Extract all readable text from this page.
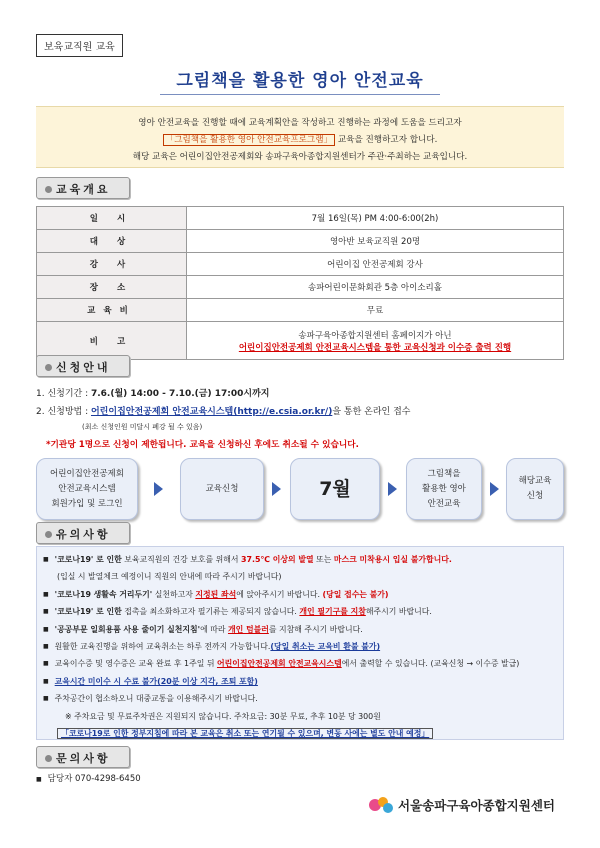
보육교직원 교육
그림책을 활용한 영아 안전교육
영아 안전교육을 진행할 때에 교육계획안을 작성하고 진행하는 과정에 도움을 드리고자
「그림책을 활용한 영아 안전교육프로그램」 교육을 진행하고자 합니다.
해당 교육은 어린이집안전공제회와 송파구육아종합지원센터가 주관·주최하는 교육입니다.
교육개요
일 시	7월 16일(목) PM 4:00-6:00(2h)
대 상	영아반 보육교직원 20명
강 사	어린이집 안전공제회 강사
장 소	송파어린이문화회관 5층 아이소리홀
교육비	무료
비 고	송파구육아종합지원센터 홈페이지가 아닌
어린이집안전공제회 안전교육시스템을 통한 교육신청과 이수증 출력 진행
신청안내
1. 신청기간 : 7.6.(월) 14:00 - 7.10.(금) 17:00시까지
2. 신청방법 : 어린이집안전공제회 안전교육시스템(http://e.csia.or.kr/)을 통한 온라인 접수
(최소 신청인원 미달시 폐강 될 수 있음)
*기관당 1명으로 신청이 제한됩니다. 교육을 신청하신 후에도 취소될 수 있습니다.
어린이집안전공제회
안전교육시스템
회원가입 및 로그인
교육신청	7월
그림책을
활용한 영아
안전교육
해당교육
신청
유의사항
■ '코로나19' 로 인한 보육교직원의 건강 보호를 위해서 37.5℃ 이상의 발열 또는 마스크 미착용시 입실 불가합니다.
(입실 시 발열체크 예정이니 직원의 안내에 따라 주시기 바랍니다)
■ '코로나19 생활속 거리두기' 실천하고자 지정된 좌석에 앉아주시기 바랍니다. (당일 접수는 불가)
■ '코로나19' 로 인한 접촉을 최소화하고자 필기류는 제공되지 않습니다. 개인 필기구를 지참해주시기 바랍니다.
■ '공공부문 일회용품 사용 줄이기 실천지침'에 따라 개인 텀블러를 지참해 주시기 바랍니다.
■ 원활한 교육진행을 위하여 교육취소는 하루 전까지 가능합니다.(당일 취소는 교육비 환불 불가)
■ 교육이수증 및 영수증은 교육 완료 후 1주일 뒤 어린이집안전공제회 안전교육시스템에서 출력할 수 있습니다. (교육신청 → 이수증 발급)
■ 교육시간 미이수 시 수료 불가(20분 이상 지각, 조퇴 포함)
■ 주차공간이 협소하오니 대중교통을 이용해주시기 바랍니다.
※ 주차요금 및 무료주차권은 지원되지 않습니다. 주차요금: 30분 무료, 추후 10분 당 300원
「코로나19로 인한 정부지침에 따라 본 교육은 취소 또는 연기될 수 있으며, 변동 사에는 별도 안내 예정」
문의사항
■ 담당자 070-4298-6450
서울송파구육아종합지원센터
